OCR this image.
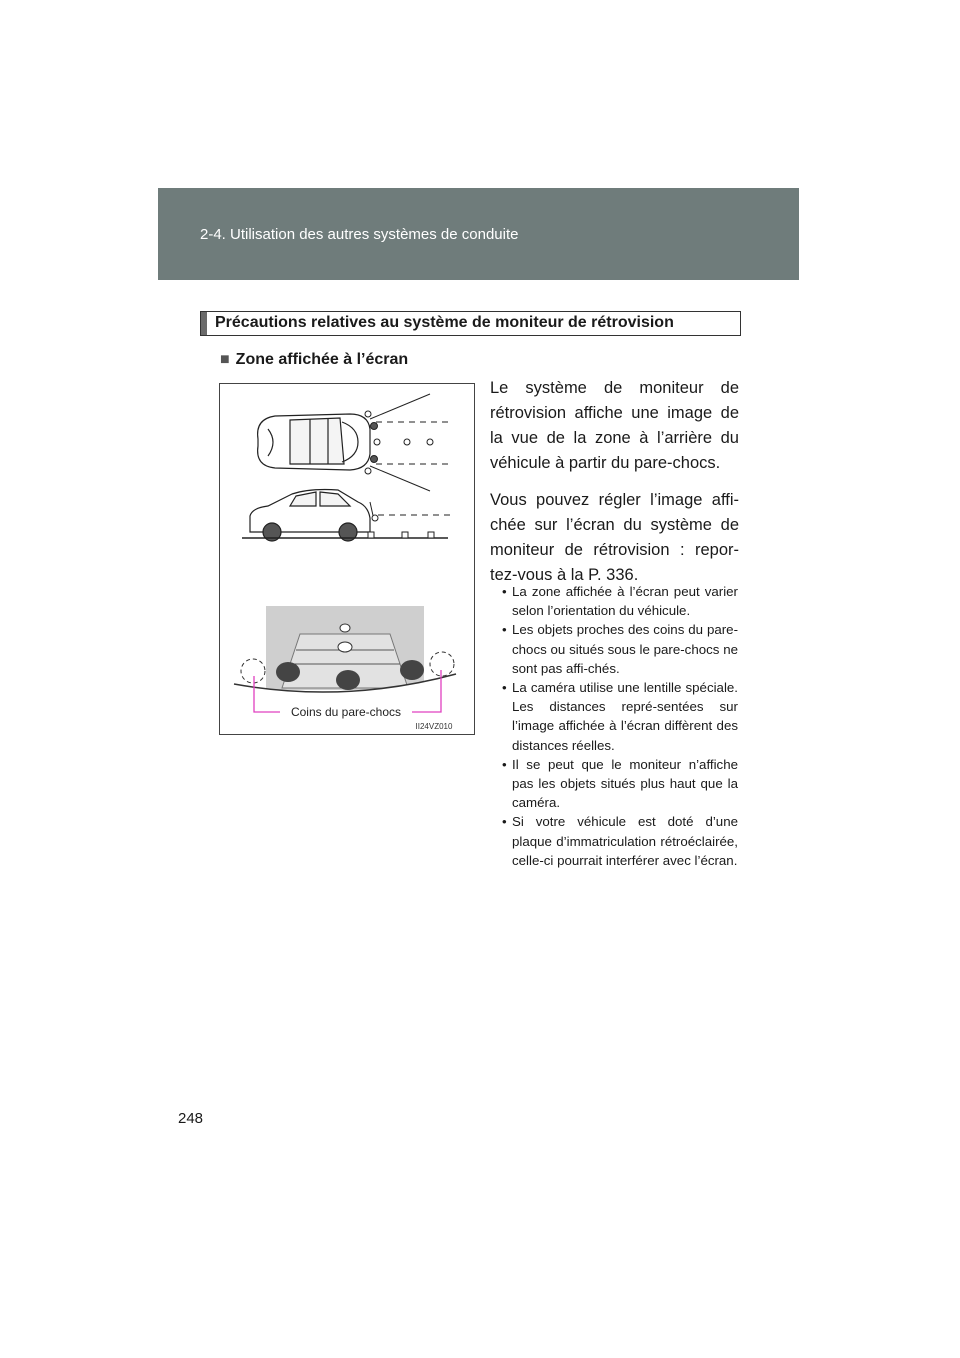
2-4. Utilisation des autres systèmes de conduite
Précautions relatives au système de moniteur de rétrovision
■ Zone affichée à l’écran
Coins du pare-chocs
II24VZ010

Le système de moniteur de rétrovision affiche une image de la vue de la zone à l’arrière du véhicule à partir du pare-chocs.

Vous pouvez régler l’image affi-chée sur l’écran du système de moniteur de rétrovision : repor-tez-vous à la P. 336.

• La zone affichée à l’écran peut varier selon l’orientation du véhicule.
• Les objets proches des coins du pare-chocs ou situés sous le pare-chocs ne sont pas affi-chés.
• La caméra utilise une lentille spéciale. Les distances repré-sentées sur l’image affichée à l’écran diffèrent des distances réelles.
• Il se peut que le moniteur n’affiche pas les objets situés plus haut que la caméra.
• Si votre véhicule est doté d’une plaque d’immatriculation rétroéclairée, celle-ci pourrait interférer avec l’écran.
248
